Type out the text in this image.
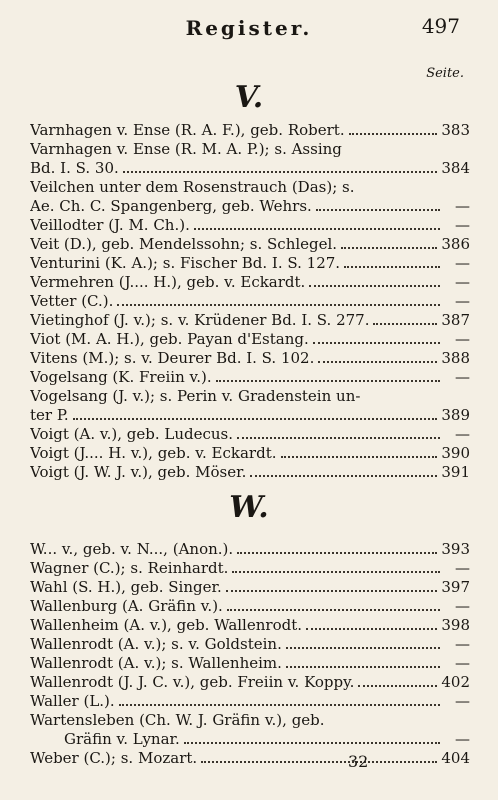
Register.	497
Seite.
V.
Varnhagen v. Ense (R. A. F.), geb. Robert.	383
Varnhagen v. Ense (R. M. A. P.); s. Assing
Bd. I. S. 30.	384
Veilchen unter dem Rosenstrauch (Das); s.
Ae. Ch. C. Spangenberg, geb. Wehrs.	—
Veillodter (J. M. Ch.).	—
Veit (D.), geb. Mendelssohn; s. Schlegel.	386
Venturini (K. A.); s. Fischer Bd. I. S. 127.	—
Vermehren (J.... H.), geb. v. Eckardt.	—
Vetter (C.).	—
Vietinghof (J. v.); s. v. Krüdener Bd. I. S. 277.	387
Viot (M. A. H.), geb. Payan d'Estang.	—
Vitens (M.); s. v. Deurer Bd. I. S. 102.	388
Vogelsang (K. Freiin v.).	—
Vogelsang (J. v.); s. Perin v. Gradenstein un-
ter P.	389
Voigt (A. v.), geb. Ludecus.	—
Voigt (J.... H. v.), geb. v. Eckardt.	390
Voigt (J. W. J. v.), geb. Möser.	391
W.
W... v., geb. v. N..., (Anon.).	393
Wagner (C.); s. Reinhardt.	—
Wahl (S. H.), geb. Singer.	397
Wallenburg (A. Gräfin v.).	—
Wallenheim (A. v.), geb. Wallenrodt.	398
Wallenrodt (A. v.); s. v. Goldstein.	—
Wallenrodt (A. v.); s. Wallenheim.	—
Wallenrodt (J. J. C. v.), geb. Freiin v. Koppy.	402
Waller (L.).	—
Wartensleben (Ch. W. J. Gräfin v.), geb.
Gräfin v. Lynar.	—
Weber (C.); s. Mozart.	404
32
